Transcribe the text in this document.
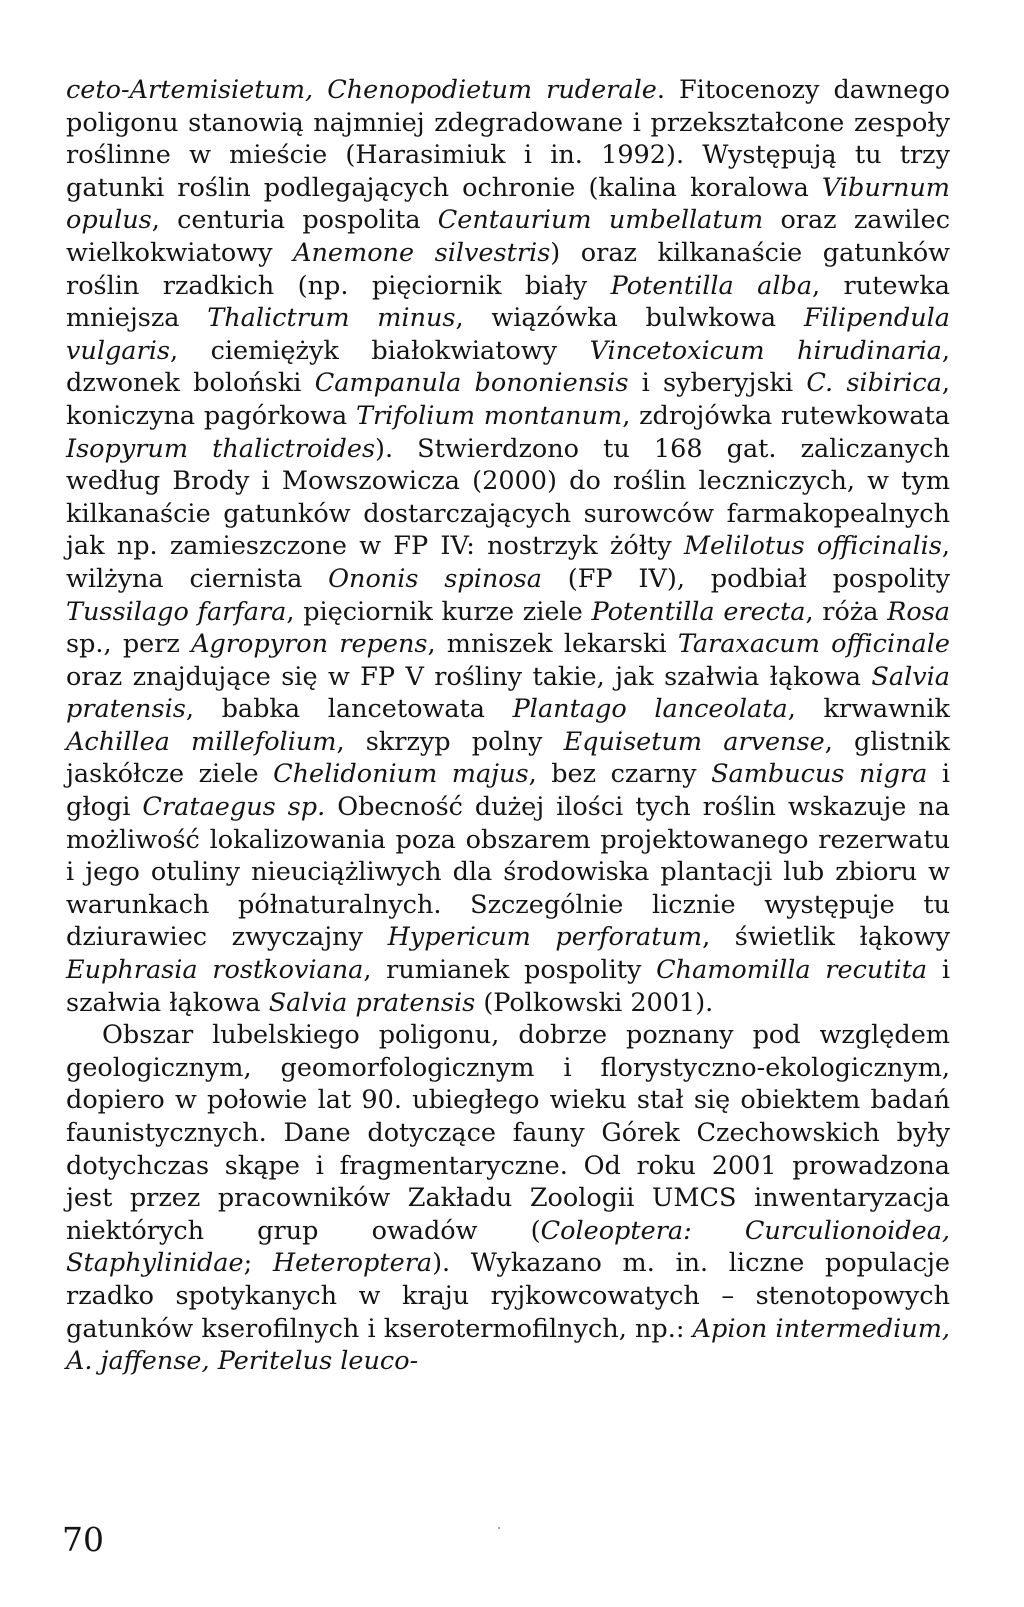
ceto-Artemisietum, Chenopodietum ruderale. Fitocenozy dawnego poligonu stanowią najmniej zdegradowane i przekształcone zespoły roślinne w mieście (Harasimiuk i in. 1992). Występują tu trzy gatunki roślin podlegających ochronie (kalina koralowa Viburnum opulus, centuria pospolita Centaurium umbellatum oraz zawilec wielkokwiatowy Anemone silvestris) oraz kilkanaście gatunków roślin rzadkich (np. pięciornik biały Potentilla alba, rutewka mniejsza Thalictrum minus, wiązówka bulwkowa Filipendula vulgaris, ciemiężyk białokwiatowy Vincetoxicum hirudinaria, dzwonek boloński Campanula bononiensis i syberyjski C. sibirica, koniczyna pagórkowa Trifolium montanum, zdrojówka rutewkowata Isopyrum thalictroides). Stwierdzono tu 168 gat. zaliczanych według Brody i Mowszowicza (2000) do roślin leczniczych, w tym kilkanaście gatunków dostarczających surowców farmakopealnych jak np. zamieszczone w FP IV: nostrzyk żółty Melilotus officinalis, wilżyna ciernista Ononis spinosa (FP IV), podbiał pospolity Tussilago farfara, pięciornik kurze ziele Potentilla erecta, róża Rosa sp., perz Agropyron repens, mniszek lekarski Taraxacum officinale oraz znajdujące się w FP V rośliny takie, jak szałwia łąkowa Salvia pratensis, babka lancetowata Plantago lanceolata, krwawnik Achillea millefolium, skrzyp polny Equisetum arvense, glistnik jaskółcze ziele Chelidonium majus, bez czarny Sambucus nigra i głogi Crataegus sp. Obecność dużej ilości tych roślin wskazuje na możliwość lokalizowania poza obszarem projektowanego rezerwatu i jego otuliny nieuciążliwych dla środowiska plantacji lub zbioru w warunkach półnaturalnych. Szczególnie licznie występuje tu dziurawiec zwyczajny Hypericum perforatum, świetlik łąkowy Euphrasia rostkoviana, rumianek pospolity Chamomilla recutita i szałwia łąkowa Salvia pratensis (Polkowski 2001).

Obszar lubelskiego poligonu, dobrze poznany pod względem geologicznym, geomorfologicznym i florystyczno-ekologicznym, dopiero w połowie lat 90. ubiegłego wieku stał się obiektem badań faunistycznych. Dane dotyczące fauny Górek Czechowskich były dotychczas skąpe i fragmentaryczne. Od roku 2001 prowadzona jest przez pracowników Zakładu Zoologii UMCS inwentaryzacja niektórych grup owadów (Coleoptera: Curculionoidea, Staphylinidae; Heteroptera). Wykazano m. in. liczne populacje rzadko spotykanych w kraju ryjkowcowatych – stenotopowych gatunków kserofilnych i kserotermofilnych, np.: Apion intermedium, A. jaffense, Peritelus leuco-

70
